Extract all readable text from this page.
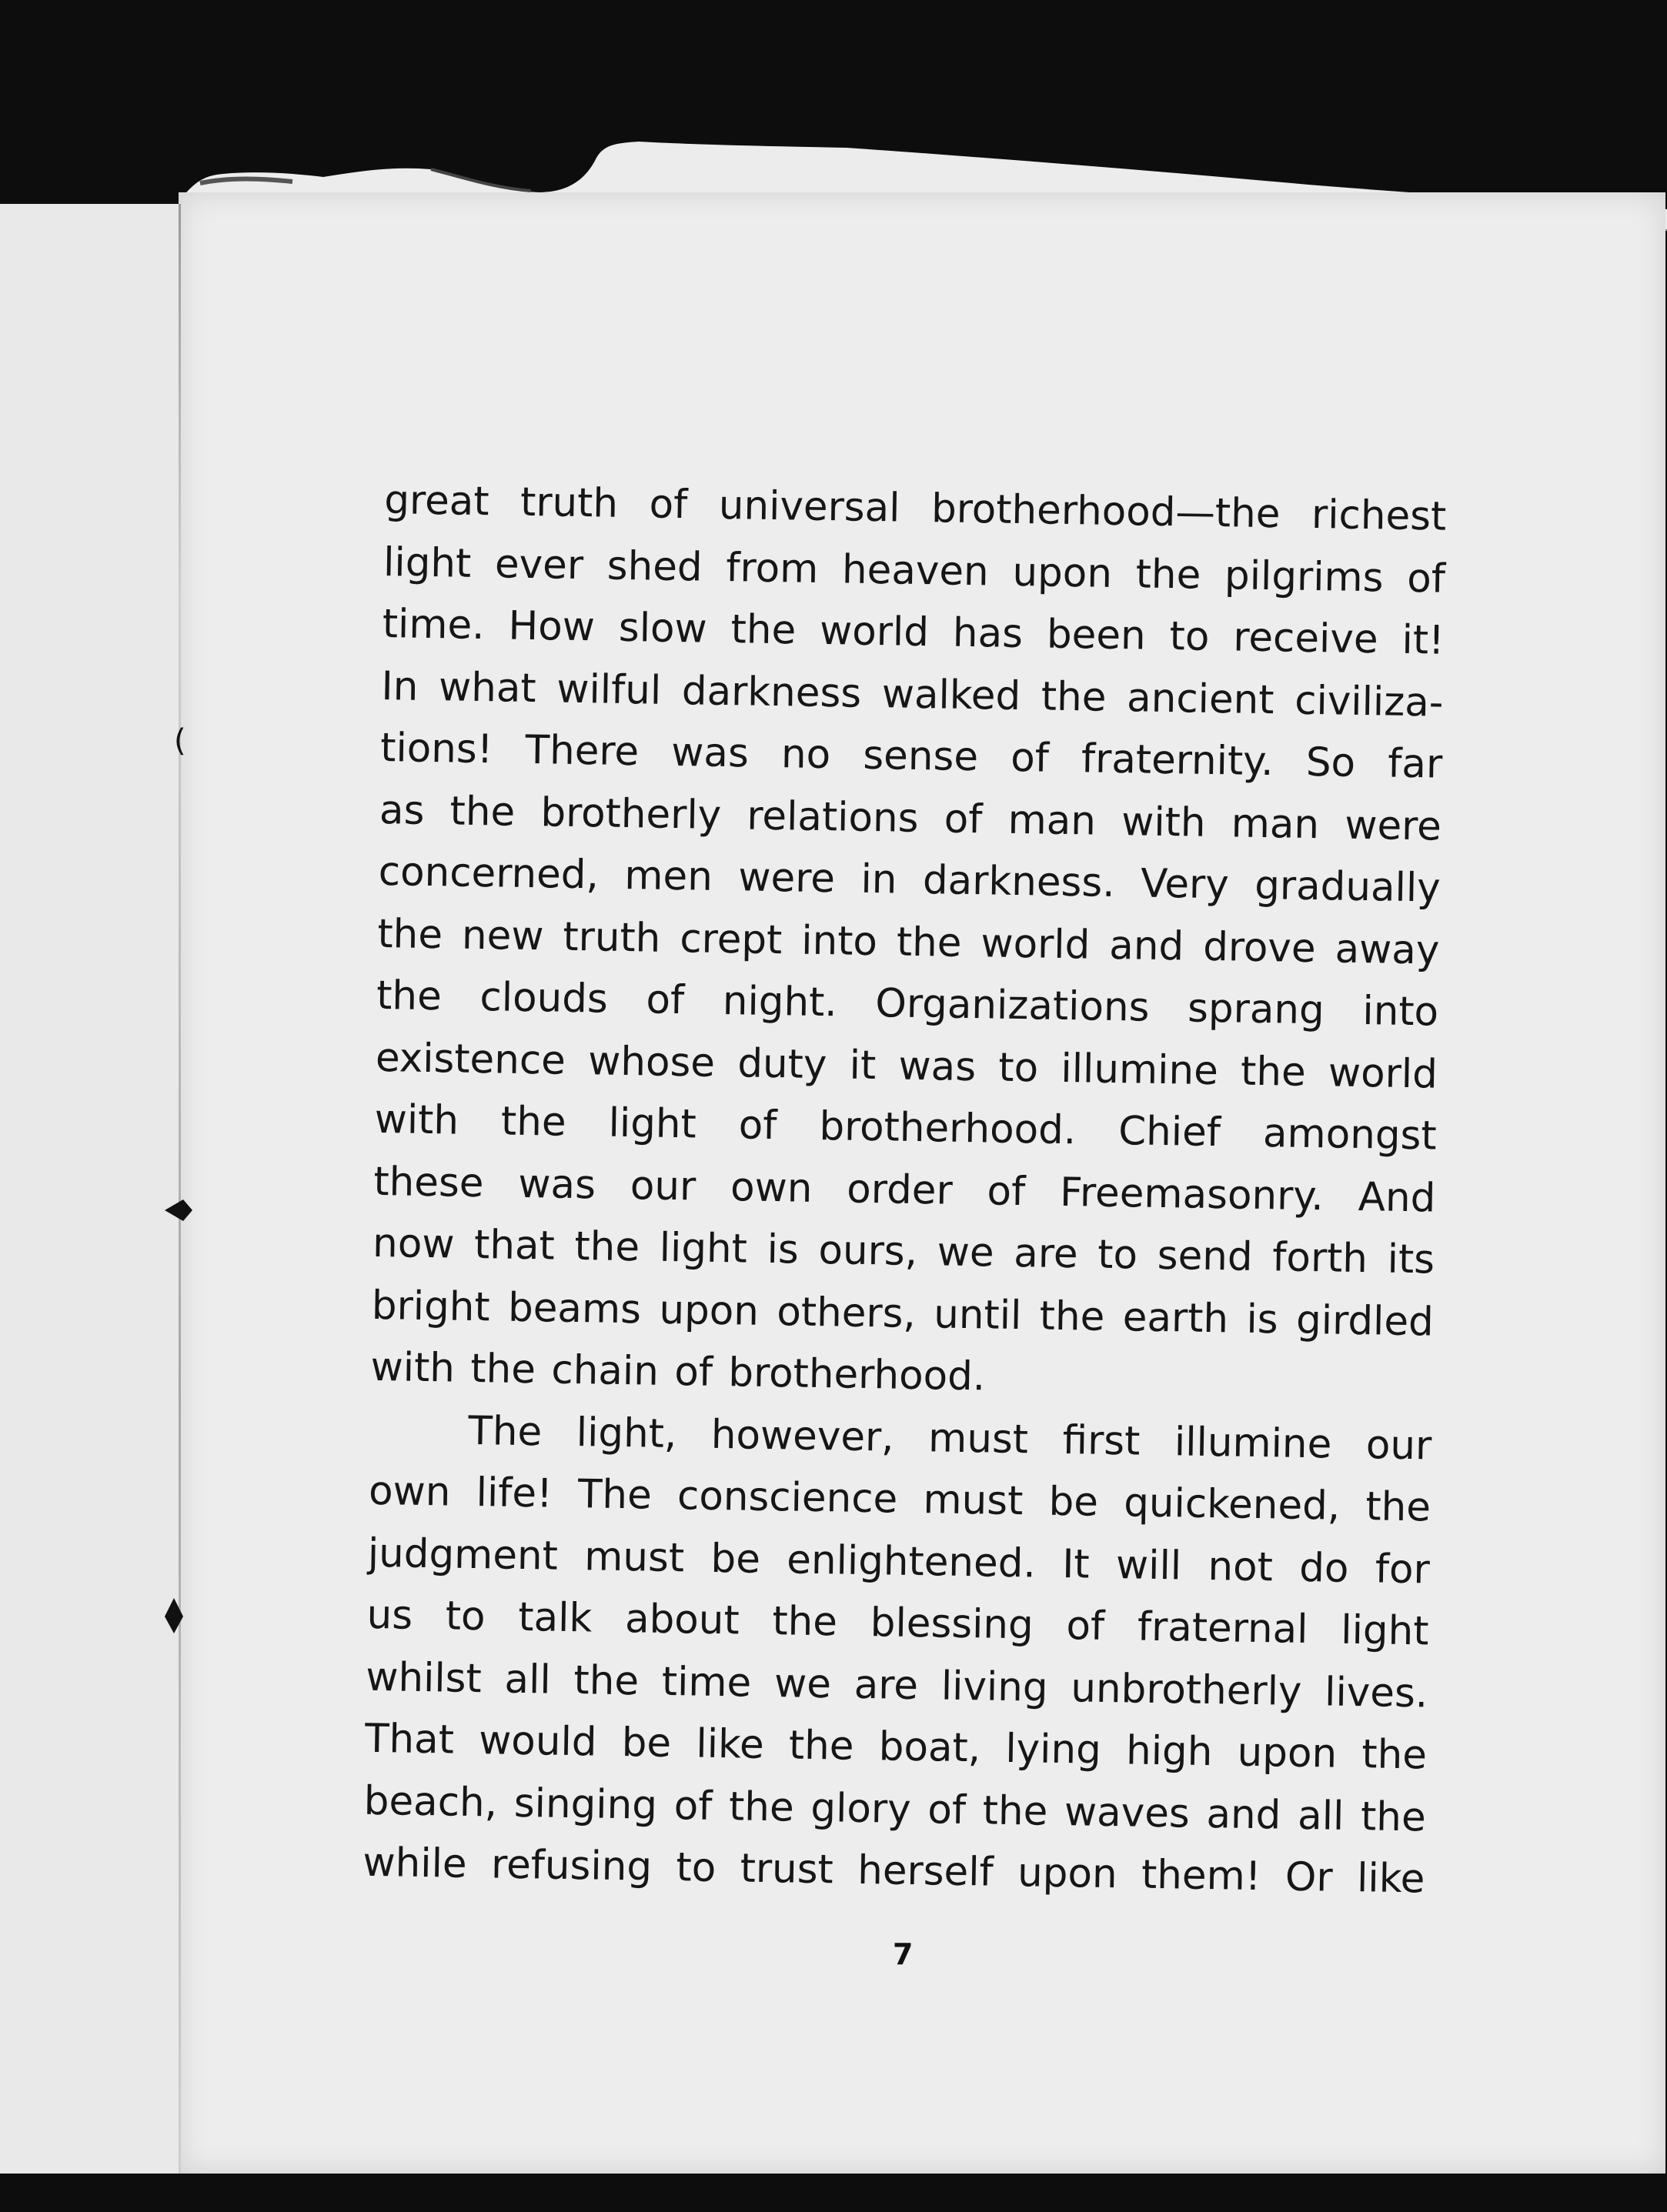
(
great truth of universal brotherhood—the richest
light ever shed from heaven upon the pilgrims of
time. How slow the world has been to receive it!
In what wilful darkness walked the ancient civiliza-
tions! There was no sense of fraternity. So far
as the brotherly relations of man with man were
concerned, men were in darkness. Very gradually
the new truth crept into the world and drove away
the clouds of night. Organizations sprang into
existence whose duty it was to illumine the world
with the light of brotherhood. Chief amongst
these was our own order of Freemasonry. And
now that the light is ours, we are to send forth its
bright beams upon others, until the earth is girdled
with the chain of brotherhood.
The light, however, must first illumine our
own life! The conscience must be quickened, the
judgment must be enlightened. It will not do for
us to talk about the blessing of fraternal light
whilst all the time we are living unbrotherly lives.
That would be like the boat, lying high upon the
beach, singing of the glory of the waves and all the
while refusing to trust herself upon them! Or like
7
